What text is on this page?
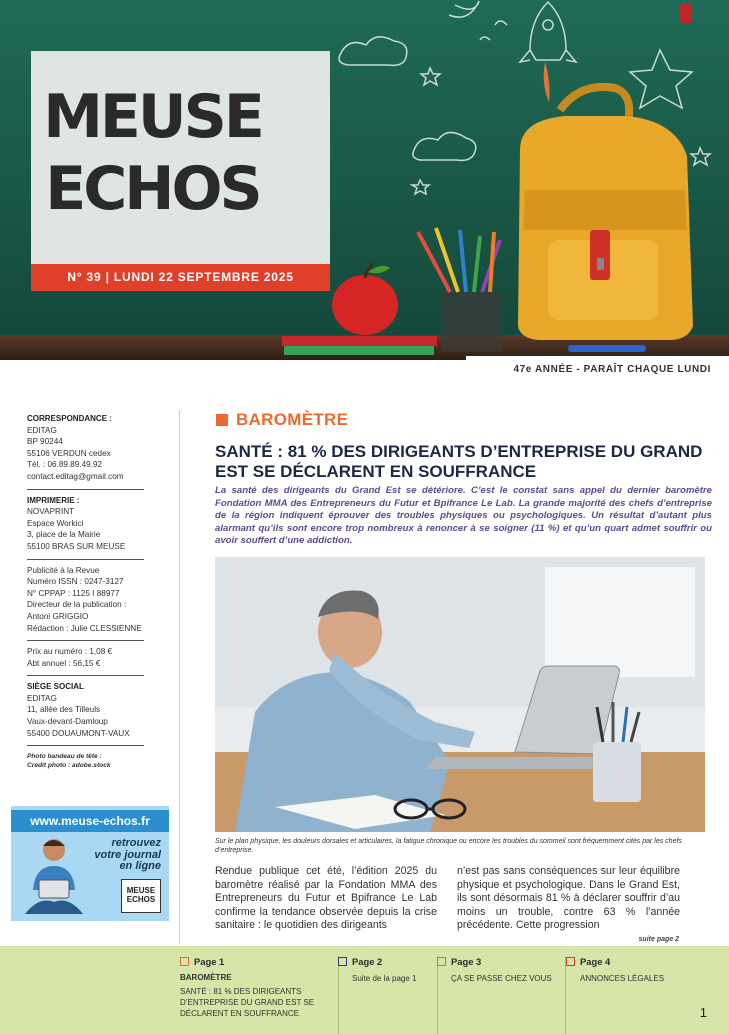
MEUSE
ECHOS
N° 39 | LUNDI 22 SEPTEMBRE 2025
47e ANNÉE - PARAÎT CHAQUE LUNDI
CORRESPONDANCE :
EDITAG
BP 90244
55106 VERDUN cedex
Tél. : 06.89.89.49.92
contact.editag@gmail.com
IMPRIMERIE :
NOVAPRINT
Espace Workici
3, place de la Mairie
55100 BRAS SUR MEUSE
Publicité à la Revue
Numéro ISSN : 0247-3127
N° CPPAP : 1125 I 88977
Directeur de la publication :
Antoni GRIGGIO
Rédaction : Julie CLESSIENNE
Prix au numéro : 1,08 €
Abt annuel : 56,15 €
SIÈGE SOCIAL
EDITAG
11, allée des Tilleuls
Vaux-devant-Damloup
55400 DOUAUMONT-VAUX
Photo bandeau de tête :
Crédit photo : adobe.stock
www.meuse-echos.fr
retrouvez
votre journal
en ligne
MEUSE
ECHOS
BAROMÈTRE
SANTÉ : 81 % DES DIRIGEANTS D’ENTREPRISE DU GRAND EST SE DÉCLARENT EN SOUFFRANCE

La santé des dirigeants du Grand Est se détériore. C’est le constat sans appel du dernier baromètre Fondation MMA des Entrepreneurs du Futur et Bpifrance Le Lab. La grande majorité des chefs d’entreprise de la région indiquent éprouver des troubles physiques ou psychologiques. Un résultat d’autant plus alarmant qu’ils sont encore trop nombreux à renoncer à se soigner (11 %) et qu’un quart admet souffrir ou avoir souffert d’une addiction.

Sur le plan physique, les douleurs dorsales et articulaires, la fatigue chronique ou encore les troubles du sommeil sont fréquemment cités par les chefs d’entreprise.

Rendue publique cet été, l’édition 2025 du baromètre réalisé par la Fondation MMA des Entrepreneurs du Futur et Bpifrance Le Lab confirme la tendance observée depuis la crise sanitaire : le quotidien des dirigeants

n’est pas sans conséquences sur leur équilibre physique et psychologique. Dans le Grand Est, ils sont désormais 81 % à déclarer souffrir d’au moins un trouble, contre 63 % l’année précédente. Cette progression

suite page 2
Page 1
BAROMÈTRE
SANTÉ : 81 % DES DIRIGEANTS D’ENTREPRISE DU GRAND EST SE DÉCLARENT EN SOUFFRANCE
Page 2
Suite de la page 1
Page 3
ÇA SE PASSE CHEZ VOUS
Page 4
ANNONCES LÉGALES
1
